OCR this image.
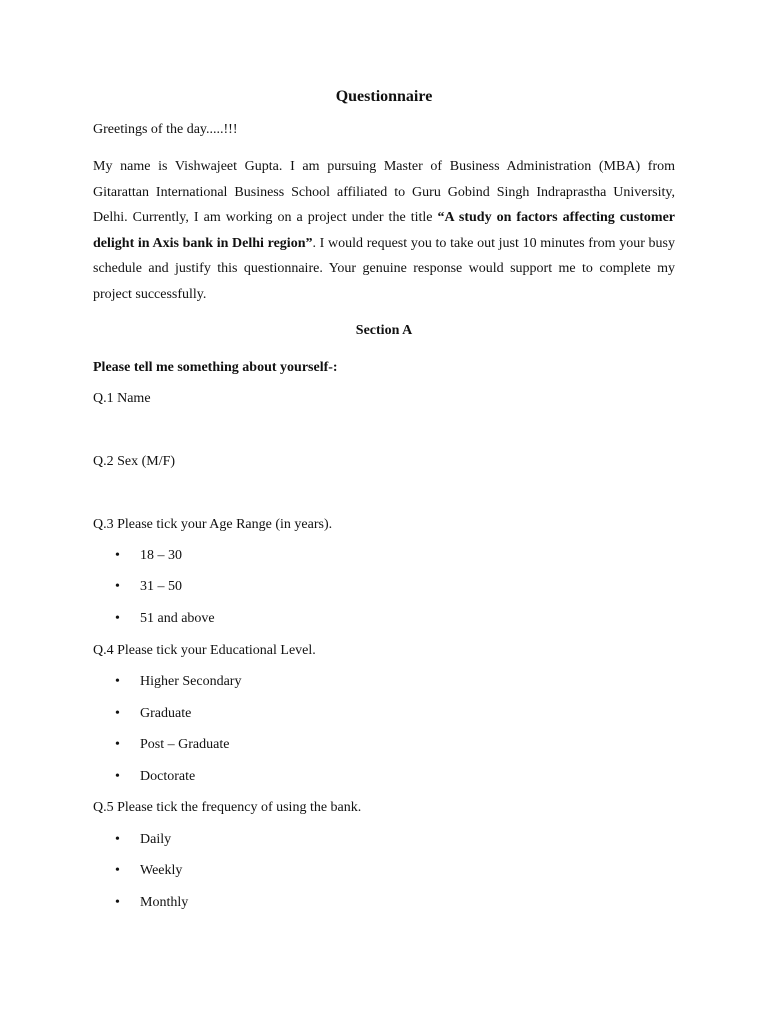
Questionnaire
Greetings of the day.....!!!

My name is Vishwajeet Gupta. I am pursuing Master of Business Administration (MBA) from Gitarattan International Business School affiliated to Guru Gobind Singh Indraprastha University, Delhi. Currently, I am working on a project under the title “A study on factors affecting customer delight in Axis bank in Delhi region”. I would request you to take out just 10 minutes from your busy schedule and justify this questionnaire. Your genuine response would support me to complete my project successfully.

Section A
Please tell me something about yourself-:
Q.1 Name
Q.2 Sex (M/F)
Q.3 Please tick your Age Range (in years).
• 18 – 30
• 31 – 50
• 51 and above
Q.4 Please tick your Educational Level.
• Higher Secondary
• Graduate
• Post – Graduate
• Doctorate
Q.5 Please tick the frequency of using the bank.
• Daily
• Weekly
• Monthly
